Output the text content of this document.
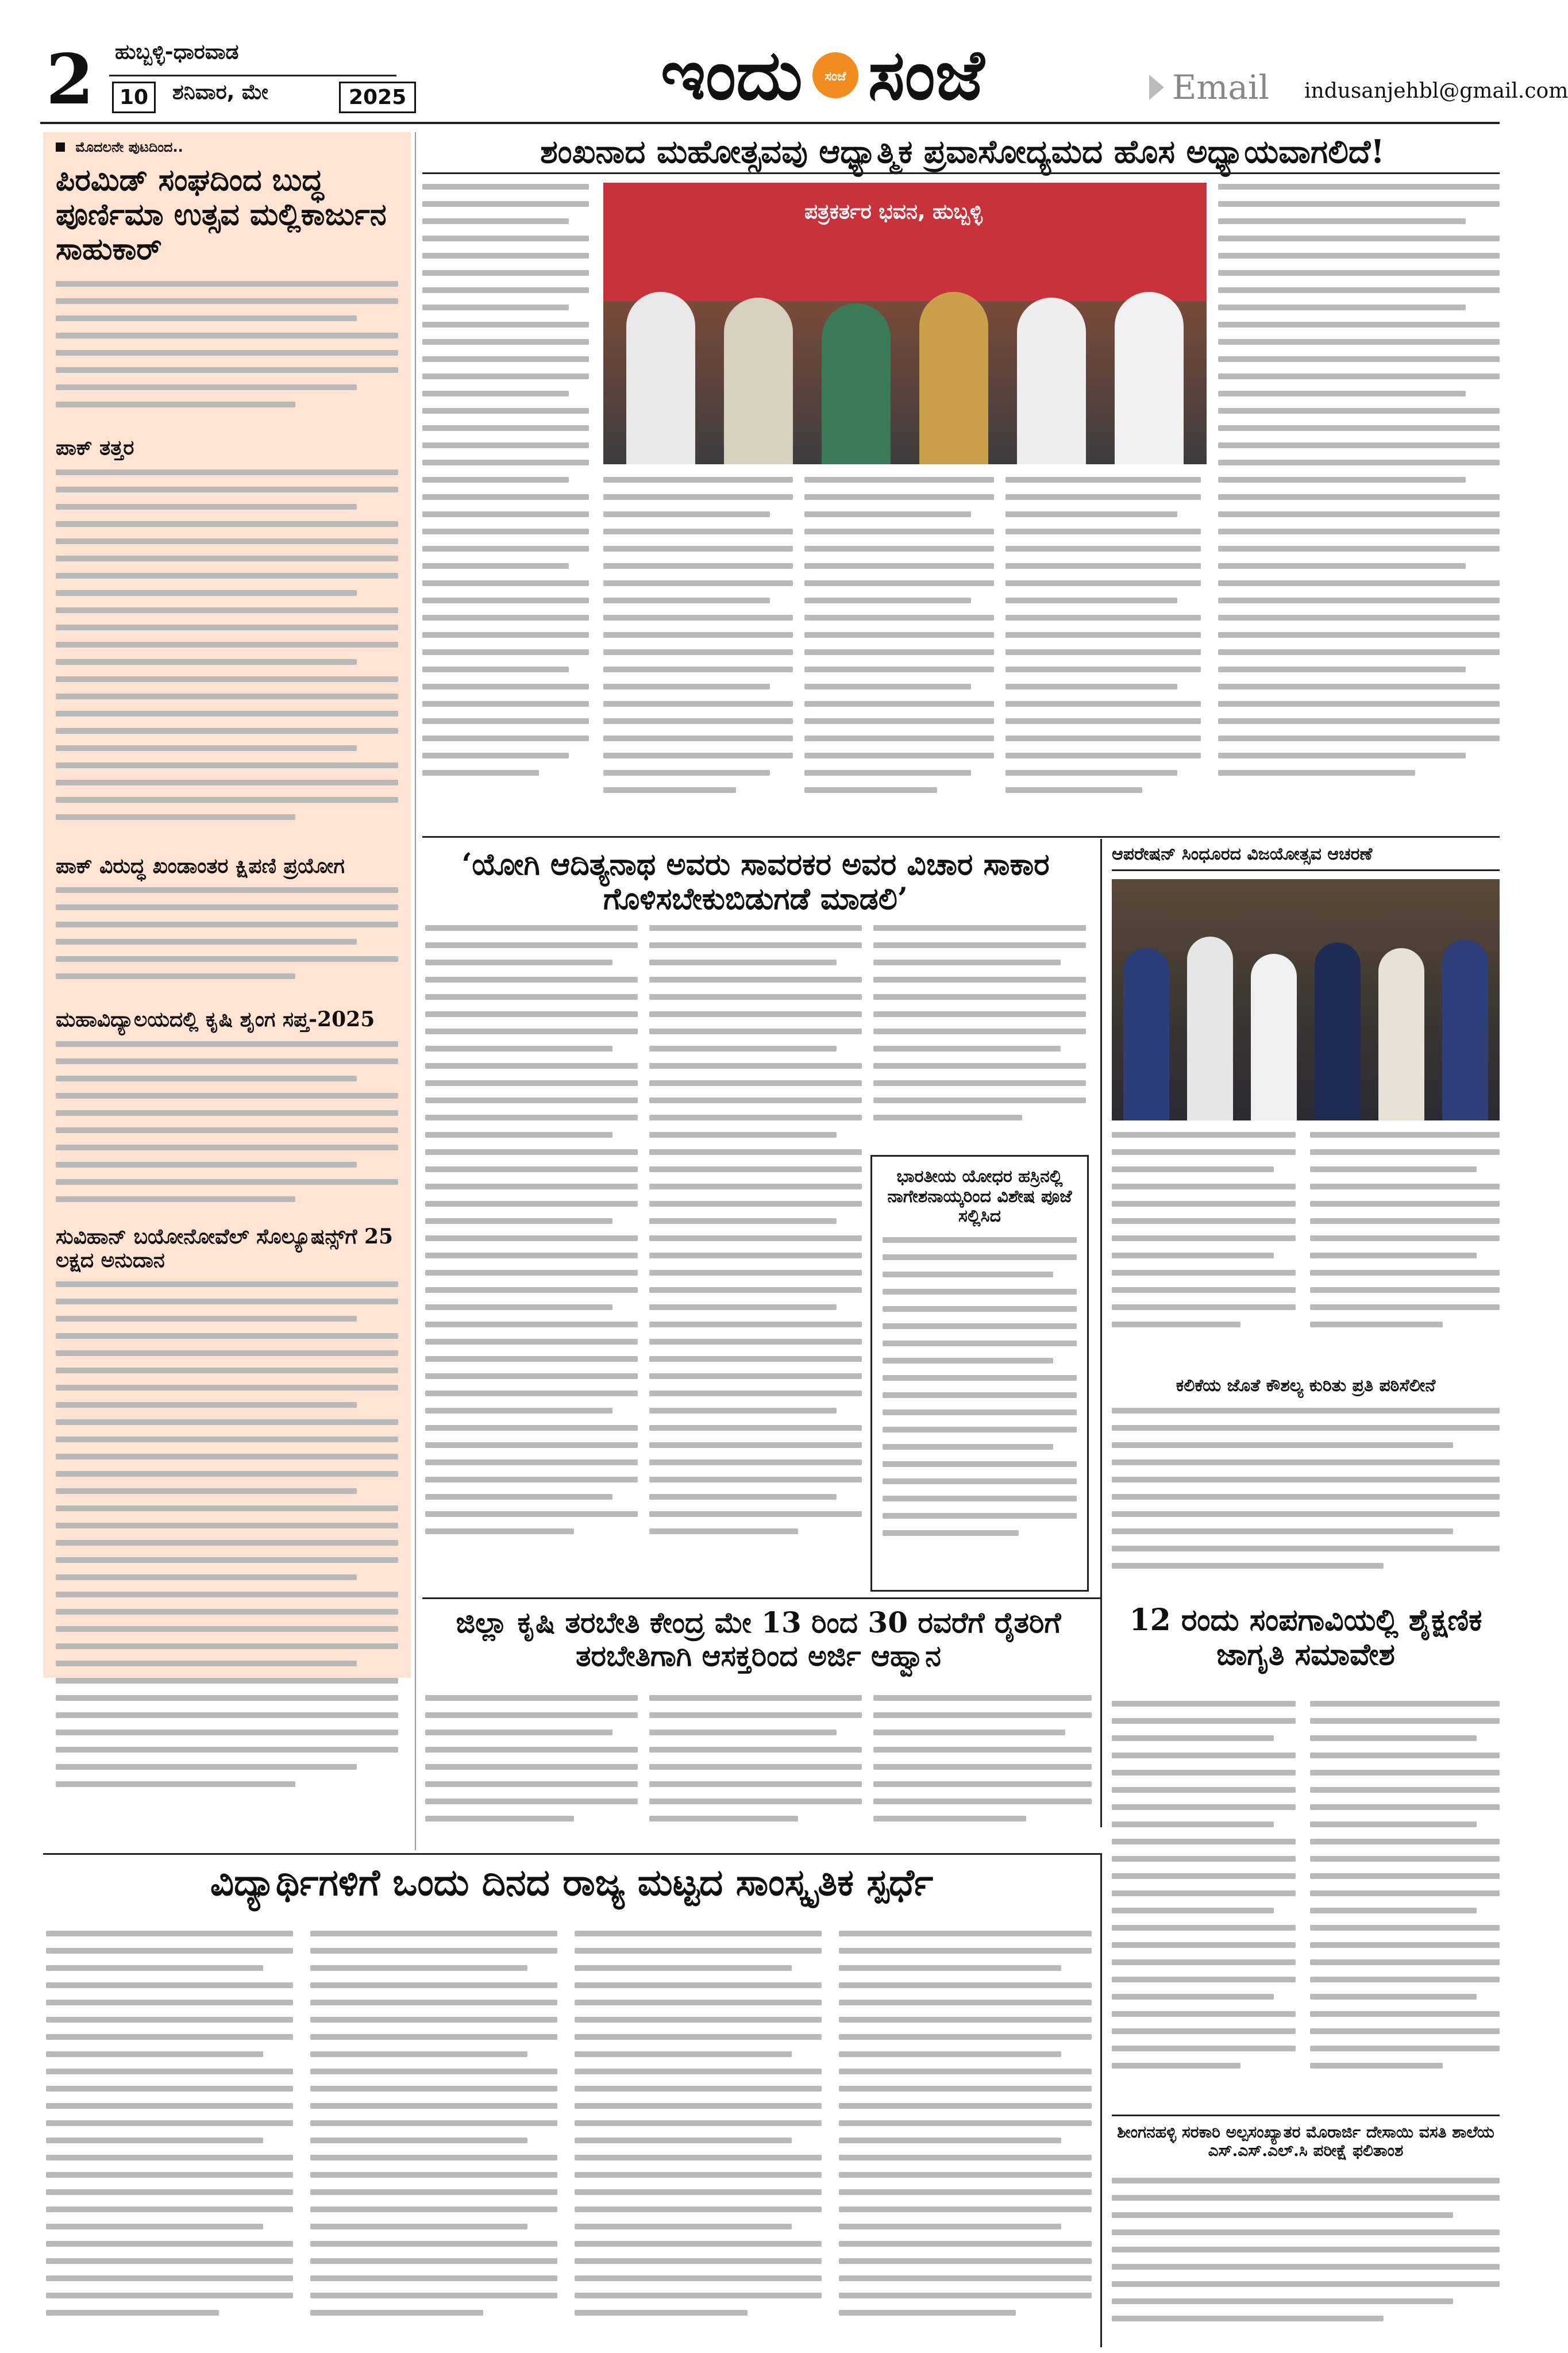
2 ಹುಬ್ಬಳ್ಳಿ-ಧಾರವಾಡ
10	ಶನಿವಾರ, ಮೇ	2025	ಇಂದು ಸಂಜೆ ಸಂಜೆ	Email indusanjehbl@gmail.com
ಮೊದಲನೇ ಪುಟದಿಂದ..
ಪಿರಮಿಡ್ ಸಂಘದಿಂದ ಬುದ್ಧ ಪೂರ್ಣಿಮಾ ಉತ್ಸವ ಮಲ್ಲಿಕಾರ್ಜುನ ಸಾಹುಕಾರ್
ಪಾಕ್ ತತ್ತರ
ಪಾಕ್ ವಿರುದ್ಧ ಖಂಡಾಂತರ ಕ್ಷಿಪಣಿ ಪ್ರಯೋಗ
ಮಹಾವಿದ್ಯಾಲಯದಲ್ಲಿ ಕೃಷಿ ಶೃಂಗ ಸಪ್ತ-2025
ಸುವಿಹಾನ್ ಬಯೋನೋವೆಲ್ ಸೊಲ್ಯೂಷನ್ಸ್‌ಗೆ 25 ಲಕ್ಷದ ಅನುದಾನ
ಶಂಖನಾದ ಮಹೋತ್ಸವವು ಆಧ್ಯಾತ್ಮಿಕ ಪ್ರವಾಸೋದ್ಯಮದ ಹೊಸ ಅಧ್ಯಾಯವಾಗಲಿದೆ!
ಪತ್ರಕರ್ತರ ಭವನ, ಹುಬ್ಬಳ್ಳಿ
‘ಯೋಗಿ ಆದಿತ್ಯನಾಥ ಅವರು ಸಾವರಕರ ಅವರ ವಿಚಾರ ಸಾಕಾರ ಗೊಳಿಸಬೇಕುಬಿಡುಗಡೆ ಮಾಡಲಿ’
ಭಾರತೀಯ ಯೋಧರ ಹಸ್ರಿನಲ್ಲಿ ನಾಗೇಶನಾಯ್ಕರಿಂದ ವಿಶೇಷ ಪೂಜೆ ಸಲ್ಲಿಸಿದ
ಆಪರೇಷನ್ ಸಿಂಧೂರದ ವಿಜಯೋತ್ಸವ ಆಚರಣೆ
ಕಲಿಕೆಯ ಜೊತೆ ಕೌಶಲ್ಯ ಕುರಿತು ಪ್ರತಿ ಪಠಿಸೆಲೀನೆ
ಜಿಲ್ಲಾ ಕೃಷಿ ತರಬೇತಿ ಕೇಂದ್ರ ಮೇ 13 ರಿಂದ 30 ರವರೆಗೆ ರೈತರಿಗೆ ತರಬೇತಿಗಾಗಿ ಆಸಕ್ತರಿಂದ ಅರ್ಜಿ ಆಹ್ವಾನ
12 ರಂದು ಸಂಪಗಾವಿಯಲ್ಲಿ ಶೈಕ್ಷಣಿಕ ಜಾಗೃತಿ ಸಮಾವೇಶ
ಶೀಂಗನಹಳ್ಳಿ ಸರಕಾರಿ ಅಲ್ಪಸಂಖ್ಯಾತರ ಮೊರಾರ್ಜಿ ದೇಸಾಯಿ ವಸತಿ ಶಾಲೆಯ ಎಸ್.ಎಸ್.ಎಲ್.ಸಿ ಪರೀಕ್ಷೆ ಫಲಿತಾಂಶ
ವಿದ್ಯಾರ್ಥಿಗಳಿಗೆ ಒಂದು ದಿನದ ರಾಜ್ಯ ಮಟ್ಟದ ಸಾಂಸ್ಕೃತಿಕ ಸ್ಪರ್ಧೆ
